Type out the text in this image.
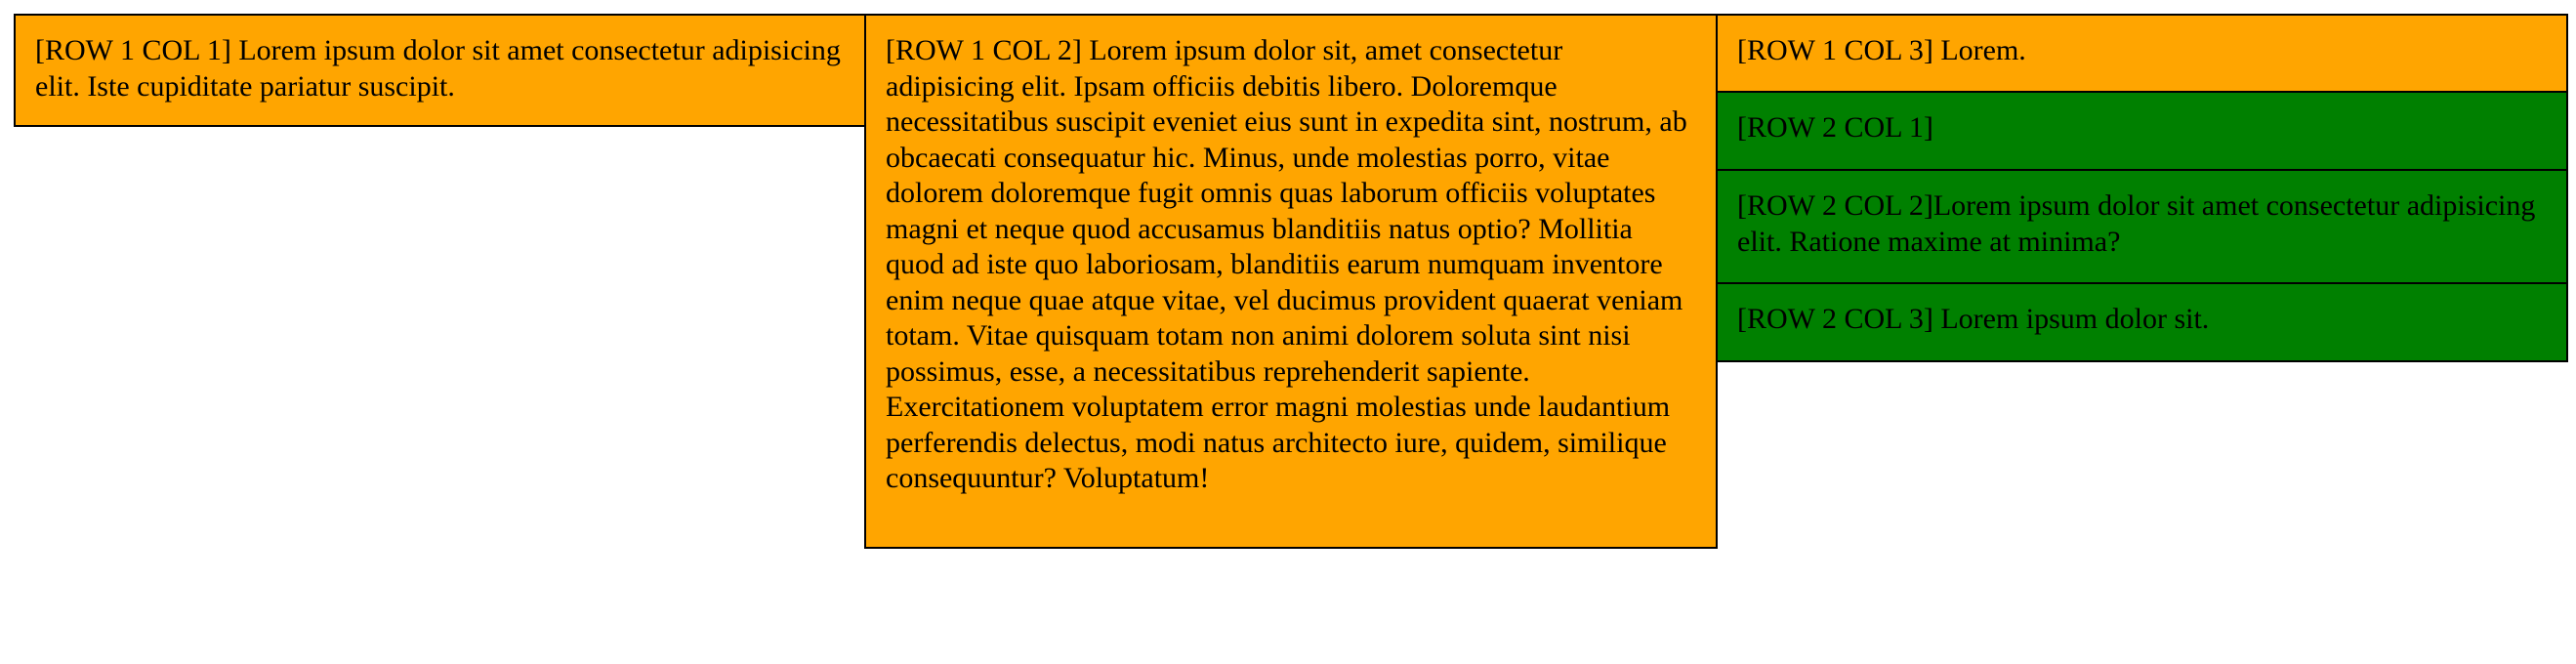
[ROW 1 COL 1] Lorem ipsum dolor sit amet consectetur adipisicing elit. Iste cupiditate pariatur suscipit.
[ROW 1 COL 2] Lorem ipsum dolor sit, amet consectetur adipisicing elit. Ipsam officiis debitis libero. Doloremque necessitatibus suscipit eveniet eius sunt in expedita sint, nostrum, ab obcaecati consequatur hic. Minus, unde molestias porro, vitae dolorem doloremque fugit omnis quas laborum officiis voluptates magni et neque quod accusamus blanditiis natus optio? Mollitia quod ad iste quo laboriosam, blanditiis earum numquam inventore enim neque quae atque vitae, vel ducimus provident quaerat veniam totam. Vitae quisquam totam non animi dolorem soluta sint nisi possimus, esse, a necessitatibus reprehenderit sapiente. Exercitationem voluptatem error magni molestias unde laudantium perferendis delectus, modi natus architecto iure, quidem, similique consequuntur? Voluptatum!
[ROW 1 COL 3] Lorem.
[ROW 2 COL 1]
[ROW 2 COL 2]Lorem ipsum dolor sit amet consectetur adipisicing elit. Ratione maxime at minima?
[ROW 2 COL 3] Lorem ipsum dolor sit.
